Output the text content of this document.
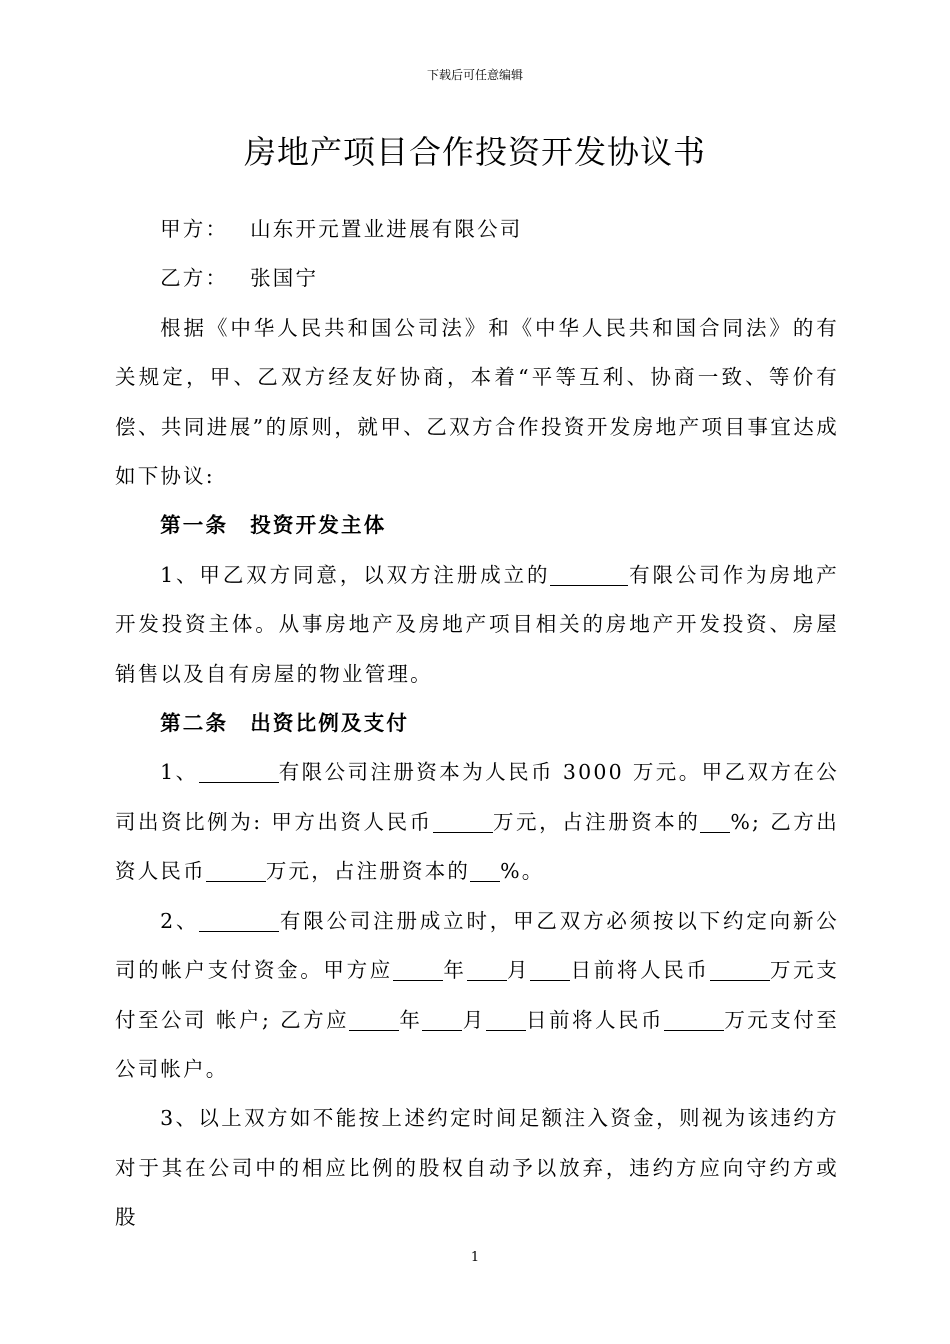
下载后可任意编辑
房地产项目合作投资开发协议书

甲方： 山东开元置业进展有限公司

乙方： 张国宁

根据《中华人民共和国公司法》和《中华人民共和国合同法》的有关规定，甲、乙双方经友好协商，本着“平等互利、协商一致、等价有偿、共同进展”的原则，就甲、乙双方合作投资开发房地产项目事宜达成如下协议:

第一条 投资开发主体

1、甲乙双方同意，以双方注册成立的	有限公司作为房地产开发投资主体。从事房地产及房地产项目相关的房地产开发投资、房屋销售以及自有房屋的物业管理。

第二条 出资比例及支付

1、	有限公司注册资本为人民币 3000 万元。甲乙双方在公司出资比例为: 甲方出资人民币	万元，占注册资本的 %; 乙方出资人民币	万元，占注册资本的 %。

2、	有限公司注册成立时，甲乙双方必须按以下约定向新公司的帐户支付资金。甲方应 年 月 日前将人民币	万元支付至公司 帐户; 乙方应 年 月 日前将人民币	万元支付至公司帐户。

3、以上双方如不能按上述约定时间足额注入资金，则视为该违约方对于其在公司中的相应比例的股权自动予以放弃，违约方应向守约方或股

1
